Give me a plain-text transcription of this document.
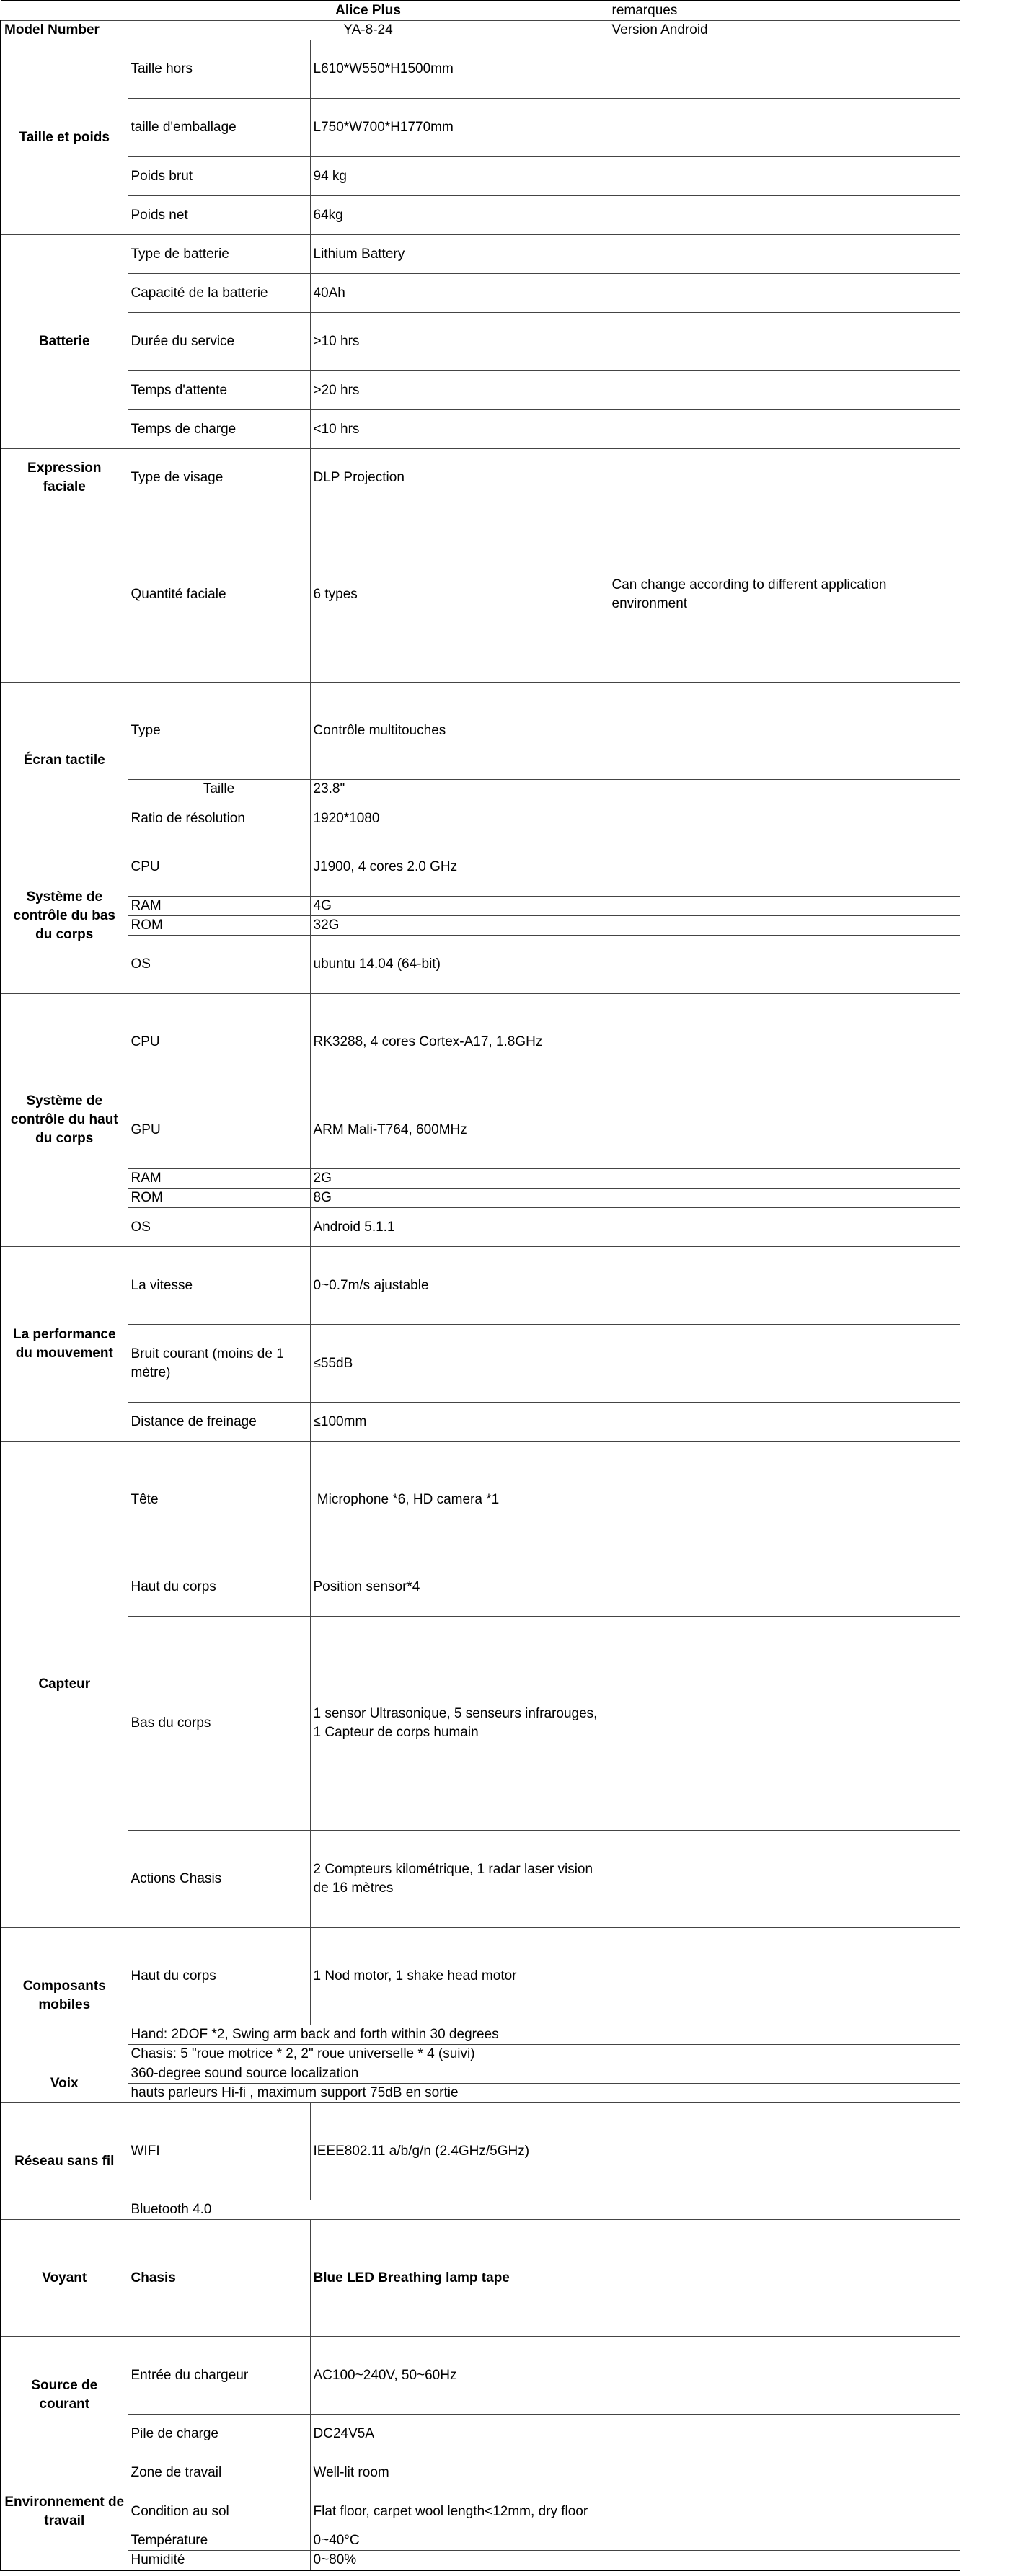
	Alice Plus		remarques
Model Number	YA-8-24		Version Android
Taille et poids	Taille hors	L610*W550*H1500mm	
	taille d'emballage	L750*W700*H1770mm	
	Poids brut	94 kg	
	Poids net	64kg	
Batterie	Type de batterie	Lithium Battery	
	Capacité de la batterie	40Ah	
	Durée du service	>10 hrs	
	Temps d'attente	>20 hrs	
	Temps de charge	<10 hrs	
Expression faciale	Type de visage	DLP Projection	
	Quantité faciale	6 types	Can change according to different application environment
Écran tactile	Type	Contrôle multitouches	
	Taille	23.8"	
	Ratio de résolution	1920*1080	
Système de contrôle du bas du corps	CPU	J1900, 4 cores 2.0 GHz	
	RAM	4G	
	ROM	32G	
	OS	ubuntu 14.04 (64-bit)	
Système de contrôle du haut du corps	CPU	RK3288, 4 cores Cortex-A17, 1.8GHz	
	GPU	ARM Mali-T764, 600MHz	
	RAM	2G	
	ROM	8G	
	OS	Android 5.1.1	
La performance du mouvement	La vitesse	0~0.7m/s ajustable	
	Bruit courant (moins de 1 mètre)	≤55dB	
	Distance de freinage	≤100mm	
Capteur	Tête	Microphone *6, HD camera *1	
	Haut du corps	Position sensor*4	
	Bas du corps	1 sensor Ultrasonique, 5 senseurs infrarouges, 1 Capteur de corps humain	
	Actions Chasis	2 Compteurs kilométrique, 1 radar laser vision de 16 mètres	
Composants mobiles	Haut du corps	1 Nod motor, 1 shake head motor	
	Hand: 2DOF *2, Swing arm back and forth within 30 degrees		
	Chasis: 5 "roue motrice * 2, 2" roue universelle * 4 (suivi)		
Voix	360-degree sound source localization		
	hauts parleurs Hi-fi , maximum support 75dB en sortie		
Réseau sans fil	WIFI	IEEE802.11 a/b/g/n (2.4GHz/5GHz)	
	Bluetooth 4.0		
Voyant	Chasis	Blue LED Breathing lamp tape	
Source de courant	Entrée du chargeur	AC100~240V, 50~60Hz	
	Pile de charge	DC24V5A	
Environnement de travail	Zone de travail	Well-lit room	
	Condition au sol	Flat floor, carpet wool length<12mm, dry floor	
	Température	0~40°C	
	Humidité	0~80%	
